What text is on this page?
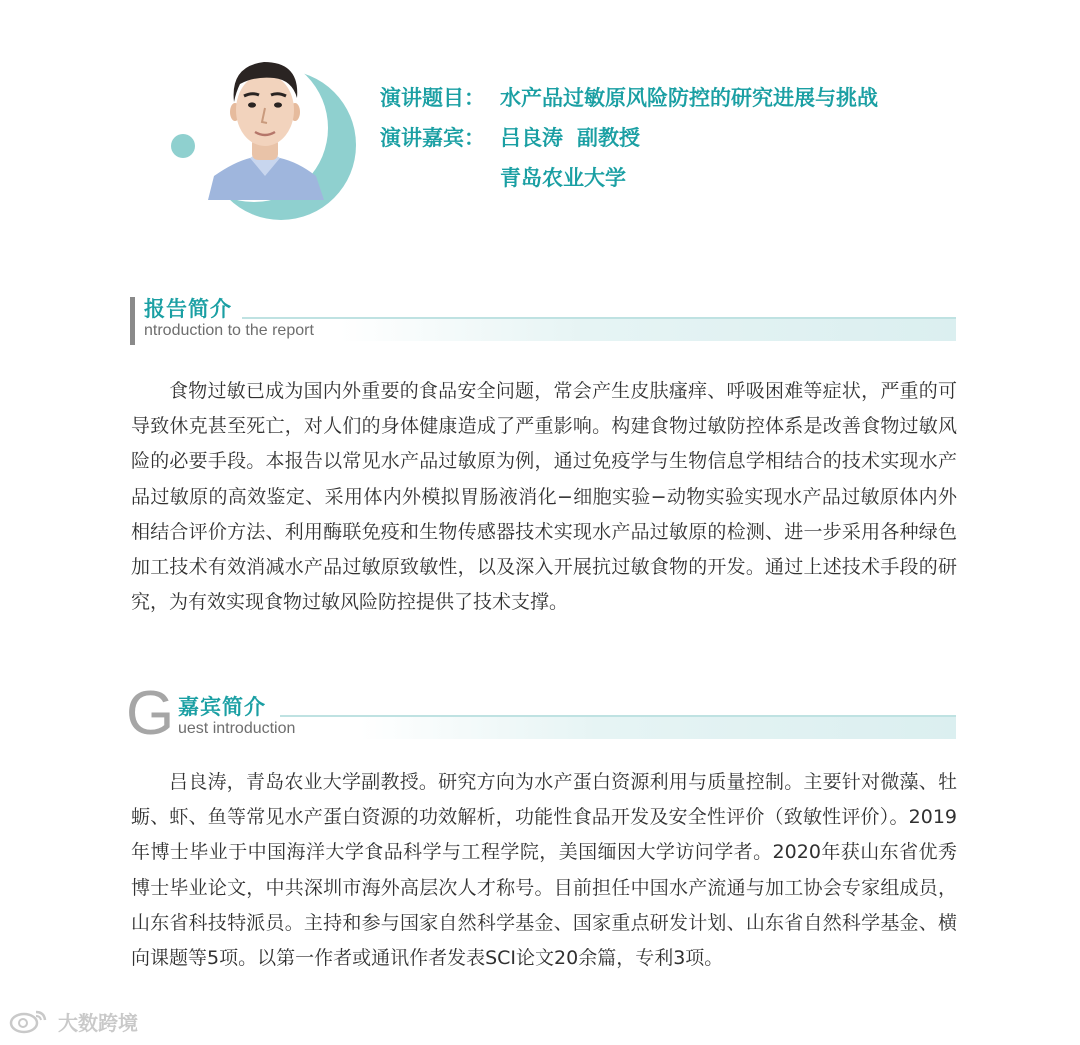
演讲题目： 水产品过敏原风险防控的研究进展与挑战
演讲嘉宾： 吕良涛 副教授
青岛农业大学
报告简介
ntroduction to the report

食物过敏已成为国内外重要的食品安全问题，常会产生皮肤瘙痒、呼吸困难等症状，严重的可导致休克甚至死亡，对人们的身体健康造成了严重影响。构建食物过敏防控体系是改善食物过敏风险的必要手段。本报告以常见水产品过敏原为例，通过免疫学与生物信息学相结合的技术实现水产品过敏原的高效鉴定、采用体内外模拟胃肠液消化−细胞实验−动物实验实现水产品过敏原体内外相结合评价方法、利用酶联免疫和生物传感器技术实现水产品过敏原的检测、进一步采用各种绿色加工技术有效消减水产品过敏原致敏性，以及深入开展抗过敏食物的开发。通过上述技术手段的研究，为有效实现食物过敏风险防控提供了技术支撑。

G 嘉宾简介
uest introduction

吕良涛，青岛农业大学副教授。研究方向为水产蛋白资源利用与质量控制。主要针对微藻、牡蛎、虾、鱼等常见水产蛋白资源的功效解析，功能性食品开发及安全性评价（致敏性评价）。2019年博士毕业于中国海洋大学食品科学与工程学院，美国缅因大学访问学者。2020年获山东省优秀博士毕业论文，中共深圳市海外高层次人才称号。目前担任中国水产流通与加工协会专家组成员，山东省科技特派员。主持和参与国家自然科学基金、国家重点研发计划、山东省自然科学基金、横向课题等5项。以第一作者或通讯作者发表SCI论文20余篇，专利3项。

大数跨境
